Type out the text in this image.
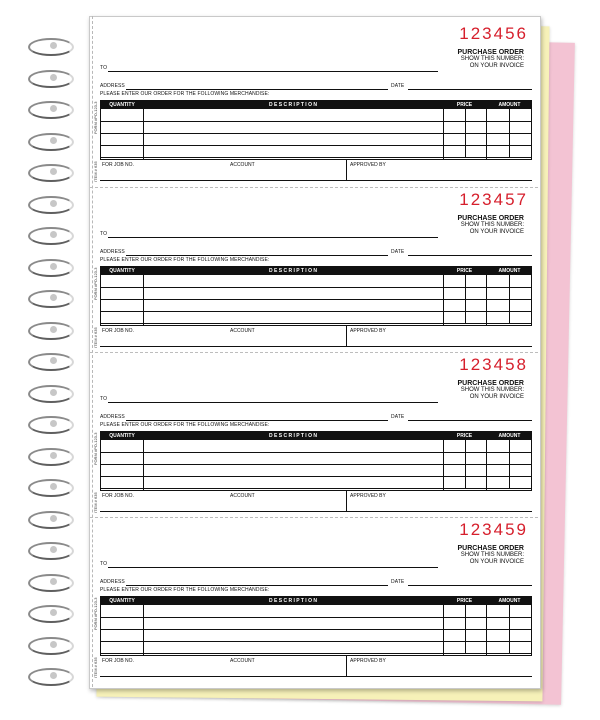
123456
PURCHASE ORDER
SHOW THIS NUMBER:
ON YOUR INVOICE
TO
ADDRESS	DATE
PLEASE ENTER OUR ORDER FOR THE FOLLOWING MERCHANDISE:
QUANTITY	D E S C R I P T I O N	PRICE	AMOUNT
FOR JOB NO.	ACCOUNT	APPROVED BY
FORM #PO-123-3
ITEM # 635
123457
PURCHASE ORDER
SHOW THIS NUMBER:
ON YOUR INVOICE
TO
ADDRESS	DATE
PLEASE ENTER OUR ORDER FOR THE FOLLOWING MERCHANDISE:
QUANTITY	D E S C R I P T I O N	PRICE	AMOUNT
FOR JOB NO.	ACCOUNT	APPROVED BY
FORM #PO-123-3
ITEM # 635
123458
PURCHASE ORDER
SHOW THIS NUMBER:
ON YOUR INVOICE
TO
ADDRESS	DATE
PLEASE ENTER OUR ORDER FOR THE FOLLOWING MERCHANDISE:
QUANTITY	D E S C R I P T I O N	PRICE	AMOUNT
FOR JOB NO.	ACCOUNT	APPROVED BY
FORM #PO-123-3
ITEM # 635
123459
PURCHASE ORDER
SHOW THIS NUMBER:
ON YOUR INVOICE
TO
ADDRESS	DATE
PLEASE ENTER OUR ORDER FOR THE FOLLOWING MERCHANDISE:
QUANTITY	D E S C R I P T I O N	PRICE	AMOUNT
FOR JOB NO.	ACCOUNT	APPROVED BY
FORM #PO-123-3
ITEM # 635
